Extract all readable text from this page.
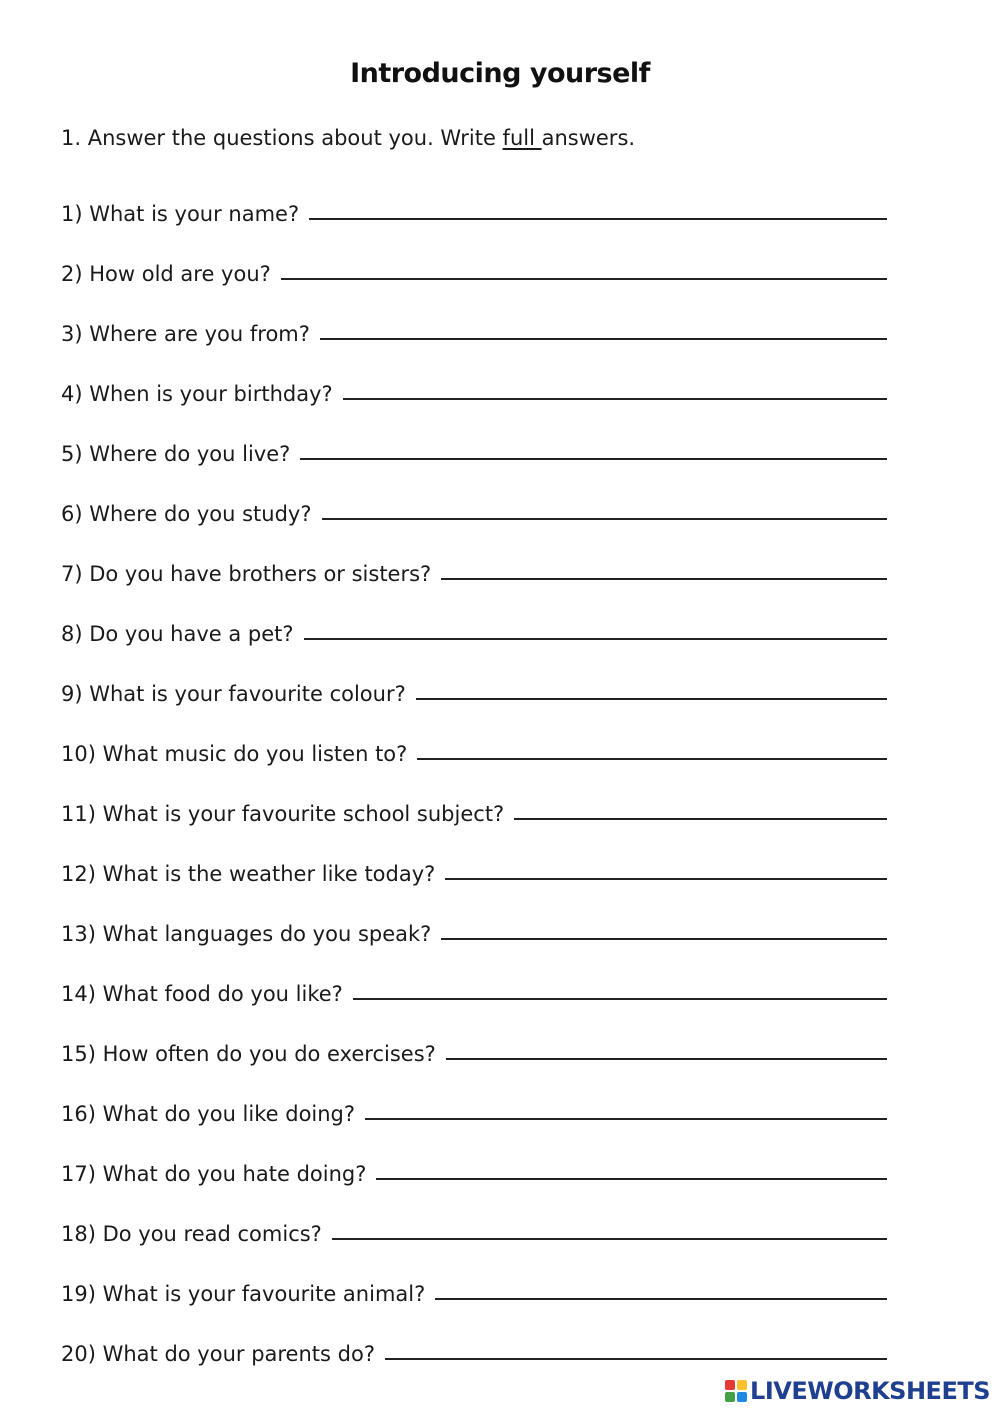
Introducing yourself
1. Answer the questions about you. Write full answers.
1) What is your name?
2) How old are you?
3) Where are you from?
4) When is your birthday?
5) Where do you live?
6) Where do you study?
7) Do you have brothers or sisters?
8) Do you have a pet?
9) What is your favourite colour?
10) What music do you listen to?
11) What is your favourite school subject?
12) What is the weather like today?
13) What languages do you speak?
14) What food do you like?
15) How often do you do exercises?
16) What do you like doing?
17) What do you hate doing?
18) Do you read comics?
19) What is your favourite animal?
20) What do your parents do?
LIVEWORKSHEETS
